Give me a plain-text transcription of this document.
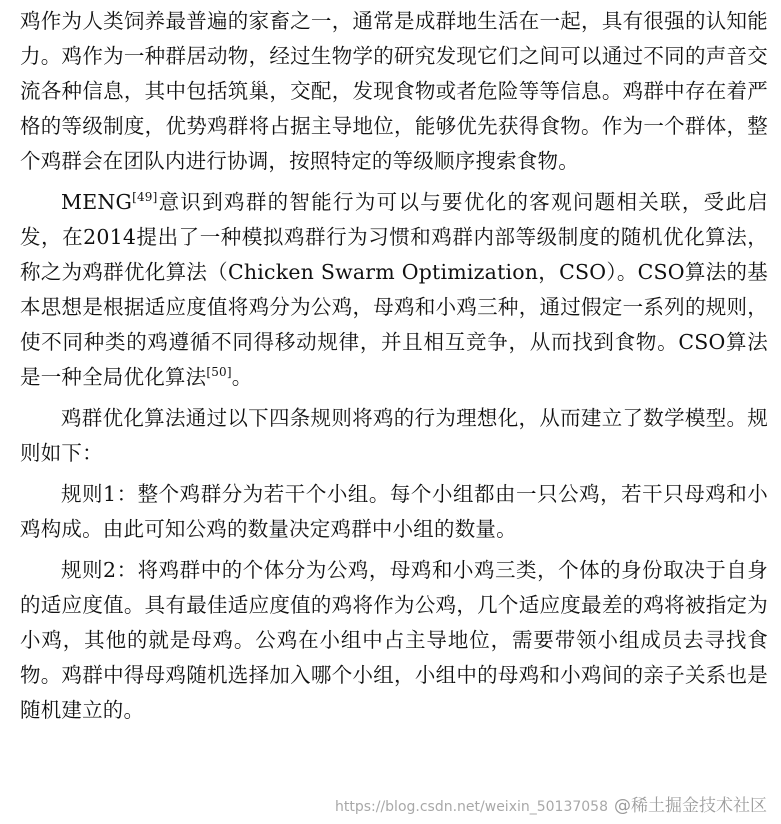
鸡作为人类饲养最普遍的家畜之一，通常是成群地生活在一起，具有很强的认知能力。鸡作为一种群居动物，经过生物学的研究发现它们之间可以通过不同的声音交流各种信息，其中包括筑巢，交配，发现食物或者危险等等信息。鸡群中存在着严格的等级制度，优势鸡群将占据主导地位，能够优先获得食物。作为一个群体，整个鸡群会在团队内进行协调，按照特定的等级顺序搜索食物。

MENG[49]意识到鸡群的智能行为可以与要优化的客观问题相关联，受此启发，在2014提出了一种模拟鸡群行为习惯和鸡群内部等级制度的随机优化算法，称之为鸡群优化算法（Chicken Swarm Optimization，CSO）。CSO算法的基本思想是根据适应度值将鸡分为公鸡，母鸡和小鸡三种，通过假定一系列的规则，使不同种类的鸡遵循不同得移动规律，并且相互竞争，从而找到食物。CSO算法是一种全局优化算法[50]。

鸡群优化算法通过以下四条规则将鸡的行为理想化，从而建立了数学模型。规则如下：

规则1：整个鸡群分为若干个小组。每个小组都由一只公鸡，若干只母鸡和小鸡构成。由此可知公鸡的数量决定鸡群中小组的数量。

规则2：将鸡群中的个体分为公鸡，母鸡和小鸡三类，个体的身份取决于自身的适应度值。具有最佳适应度值的鸡将作为公鸡，几个适应度最差的鸡将被指定为小鸡，其他的就是母鸡。公鸡在小组中占主导地位，需要带领小组成员去寻找食物。鸡群中得母鸡随机选择加入哪个小组，小组中的母鸡和小鸡间的亲子关系也是随机建立的。

https://blog.csdn.net/weixin_50137058 @稀土掘金技术社区
